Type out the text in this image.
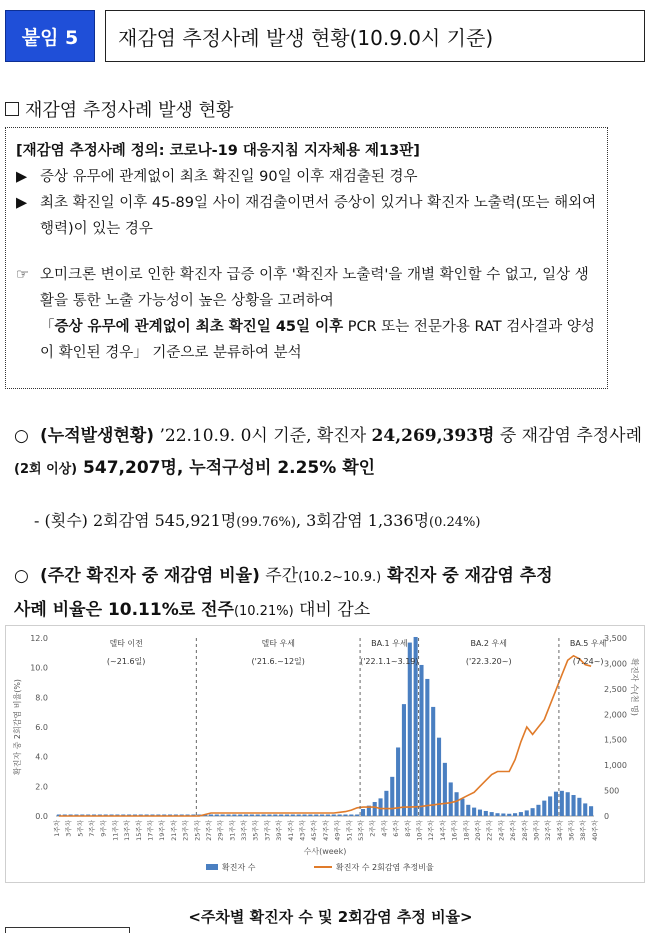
붙임 5 재감염 추정사례 발생 현황(10.9.0시 기준)
재감염 추정사례 발생 현황
[재감염 추정사례 정의: 코로나-19 대응지침 지자체용 제13판]
▶ 증상 유무에 관계없이 최초 확진일 90일 이후 재검출된 경우
▶ 최초 확진일 이후 45-89일 사이 재검출이면서 증상이 있거나 확진자 노출력(또는 해외여행력)이 있는 경우
☞ 오미크론 변이로 인한 확진자 급증 이후 '확진자 노출력'을 개별 확인할 수 없고, 일상 생활을 통한 노출 가능성이 높은 상황을 고려하여
「증상 유무에 관계없이 최초 확진일 45일 이후 PCR 또는 전문가용 RAT 검사결과 양성이 확인된 경우」 기준으로 분류하여 분석
○ (누적발생현황) ’22.10.9. 0시 기준, 확진자 24,269,393명 중 재감염 추정사례 (2회 이상) 547,207명, 누적구성비 2.25% 확인
- (횟수) 2회감염 545,921명(99.76%), 3회감염 1,336명(0.24%)
○ (주간 확진자 중 재감염 비율) 주간(10.2~10.9.) 확진자 중 재감염 추정
사례 비율은 10.11%로 전주(10.21%) 대비 감소
0.0
2.0
4.0
6.0
8.0
10.0
12.0
0
500
1,000
1,500
2,000
2,500
3,000
3,500
확진자 중 2회감염 비율(%)	확진자 수(천 명)
델타 이전
(~21.6일)
델타 우세
('21.6.~12일)
BA.1 우세
('22.1.1~3.19)
BA.2 우세
('22.3.20~)
BA.5 우세
(7.24~)
1주차 3주차 5주차 7주차 9주차 11주차 13주차 15주차 17주차 19주차 21주차 23주차 25주차 27주차 29주차 31주차 33주차 35주차 37주차 39주차 41주차 43주차 45주차 47주차 49주차 51주차 53주차 2주차 4주차 6주차 8주차 10주차 12주차 14주차 16주차 18주차 20주차 22주차 24주차 26주차 28주차 30주차 32주차 34주차 36주차 38주차 40주차
수사(week)
확진자 수	확진자 수 2회감염 추정비율
<주차별 확진자 수 및 2회감염 추정 비율>
